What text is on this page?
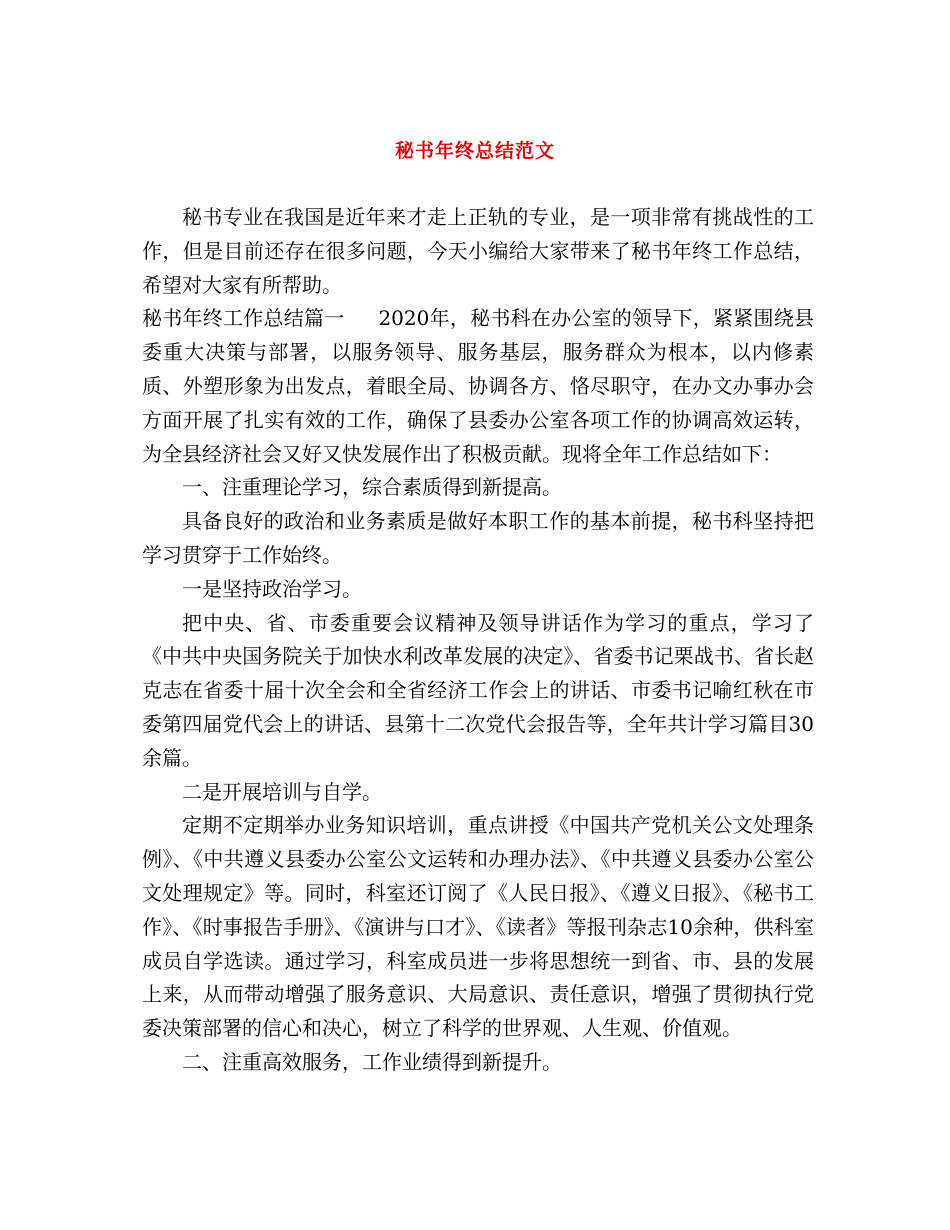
秘书年终总结范文

秘书专业在我国是近年来才走上正轨的专业，是一项非常有挑战性的工作，但是目前还存在很多问题，今天小编给大家带来了秘书年终工作总结，希望对大家有所帮助。

秘书年终工作总结篇一 2020年，秘书科在办公室的领导下，紧紧围绕县委重大决策与部署，以服务领导、服务基层，服务群众为根本，以内修素质、外塑形象为出发点，着眼全局、协调各方、恪尽职守，在办文办事办会方面开展了扎实有效的工作，确保了县委办公室各项工作的协调高效运转，为全县经济社会又好又快发展作出了积极贡献。现将全年工作总结如下：

一、注重理论学习，综合素质得到新提高。

具备良好的政治和业务素质是做好本职工作的基本前提，秘书科坚持把学习贯穿于工作始终。

一是坚持政治学习。

把中央、省、市委重要会议精神及领导讲话作为学习的重点，学习了《中共中央国务院关于加快水利改革发展的决定》、省委书记栗战书、省长赵克志在省委十届十次全会和全省经济工作会上的讲话、市委书记喻红秋在市委第四届党代会上的讲话、县第十二次党代会报告等，全年共计学习篇目30余篇。

二是开展培训与自学。

定期不定期举办业务知识培训，重点讲授《中国共产党机关公文处理条例》、《中共遵义县委办公室公文运转和办理办法》、《中共遵义县委办公室公文处理规定》等。同时，科室还订阅了《人民日报》、《遵义日报》、《秘书工作》、《时事报告手册》、《演讲与口才》、《读者》等报刊杂志10余种，供科室成员自学选读。通过学习，科室成员进一步将思想统一到省、市、县的发展上来，从而带动增强了服务意识、大局意识、责任意识，增强了贯彻执行党委决策部署的信心和决心，树立了科学的世界观、人生观、价值观。

二、注重高效服务，工作业绩得到新提升。
